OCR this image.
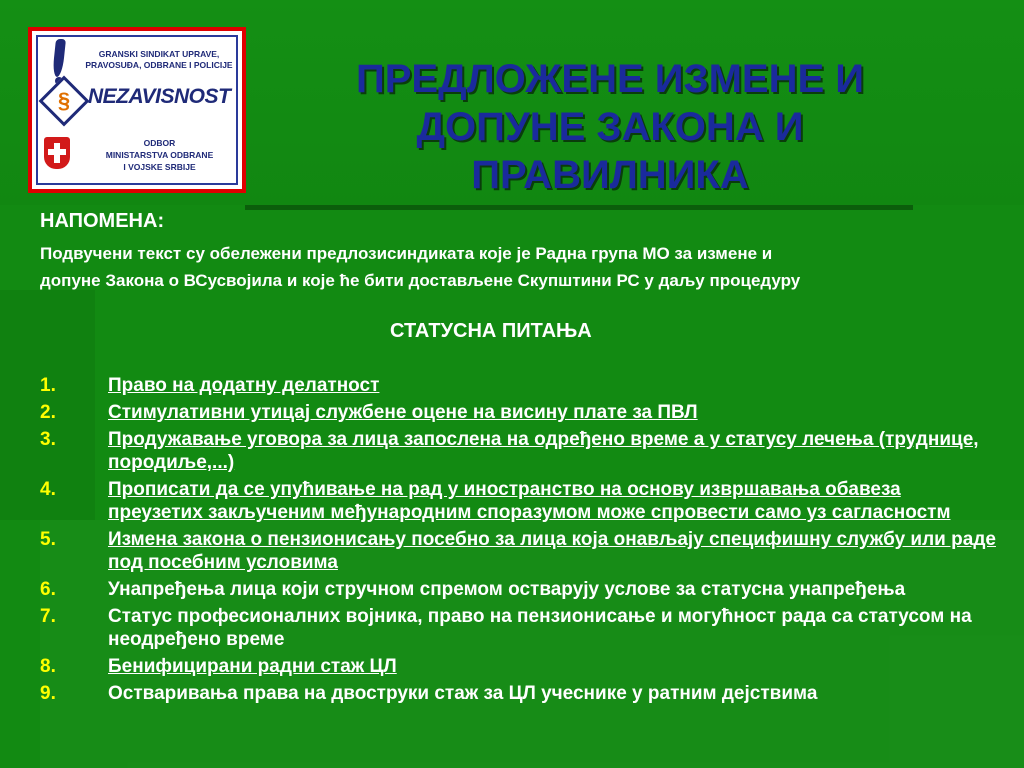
§
GRANSKI SINDIKAT UPRAVE,
PRAVOSUĐA, ODBRANE I POLICIJE
NEZAVISNOST
ODBOR
MINISTARSTVA ODBRANE
I VOJSKE SRBIJE
ПРЕДЛОЖЕНЕ ИЗМЕНЕ И
ДОПУНЕ ЗАКОНА И
ПРАВИЛНИКА
НАПОМЕНА:
Подвучени текст су обележени предлозисиндиката које је Радна група МО за измене и
допуне Закона о ВСусвојила и које ће бити достављене Скупштини РС у даљу процедуру
СТАТУСНА ПИТАЊА
1.	Право на додатну делатност
2.	Стимулативни утицај службене оцене на висину плате за ПВЛ
3.	Продужавање уговора за лица запослена на одређено време а у статусу лечења (труднице, породиље,...)
4.	Прописати да се упућивање на рад у иностранство на основу извршавања обавеза преузетих закљученим међународним споразумом може спровести само уз сагласностм
5.	Измена закона о пензионисању посебно за лица која онављају специфишну службу или раде под посебним условима
6.	Унапређења лица који стручном спремом остварују услове за статусна унапређења
7.	Статус професионалних војника, право на пензионисање и могућност рада са статусом на неодређено време
8.	Бенифицирани радни стаж ЦЛ
9.	Остваривања права на двоструки стаж за ЦЛ учеснике у ратним дејствима
